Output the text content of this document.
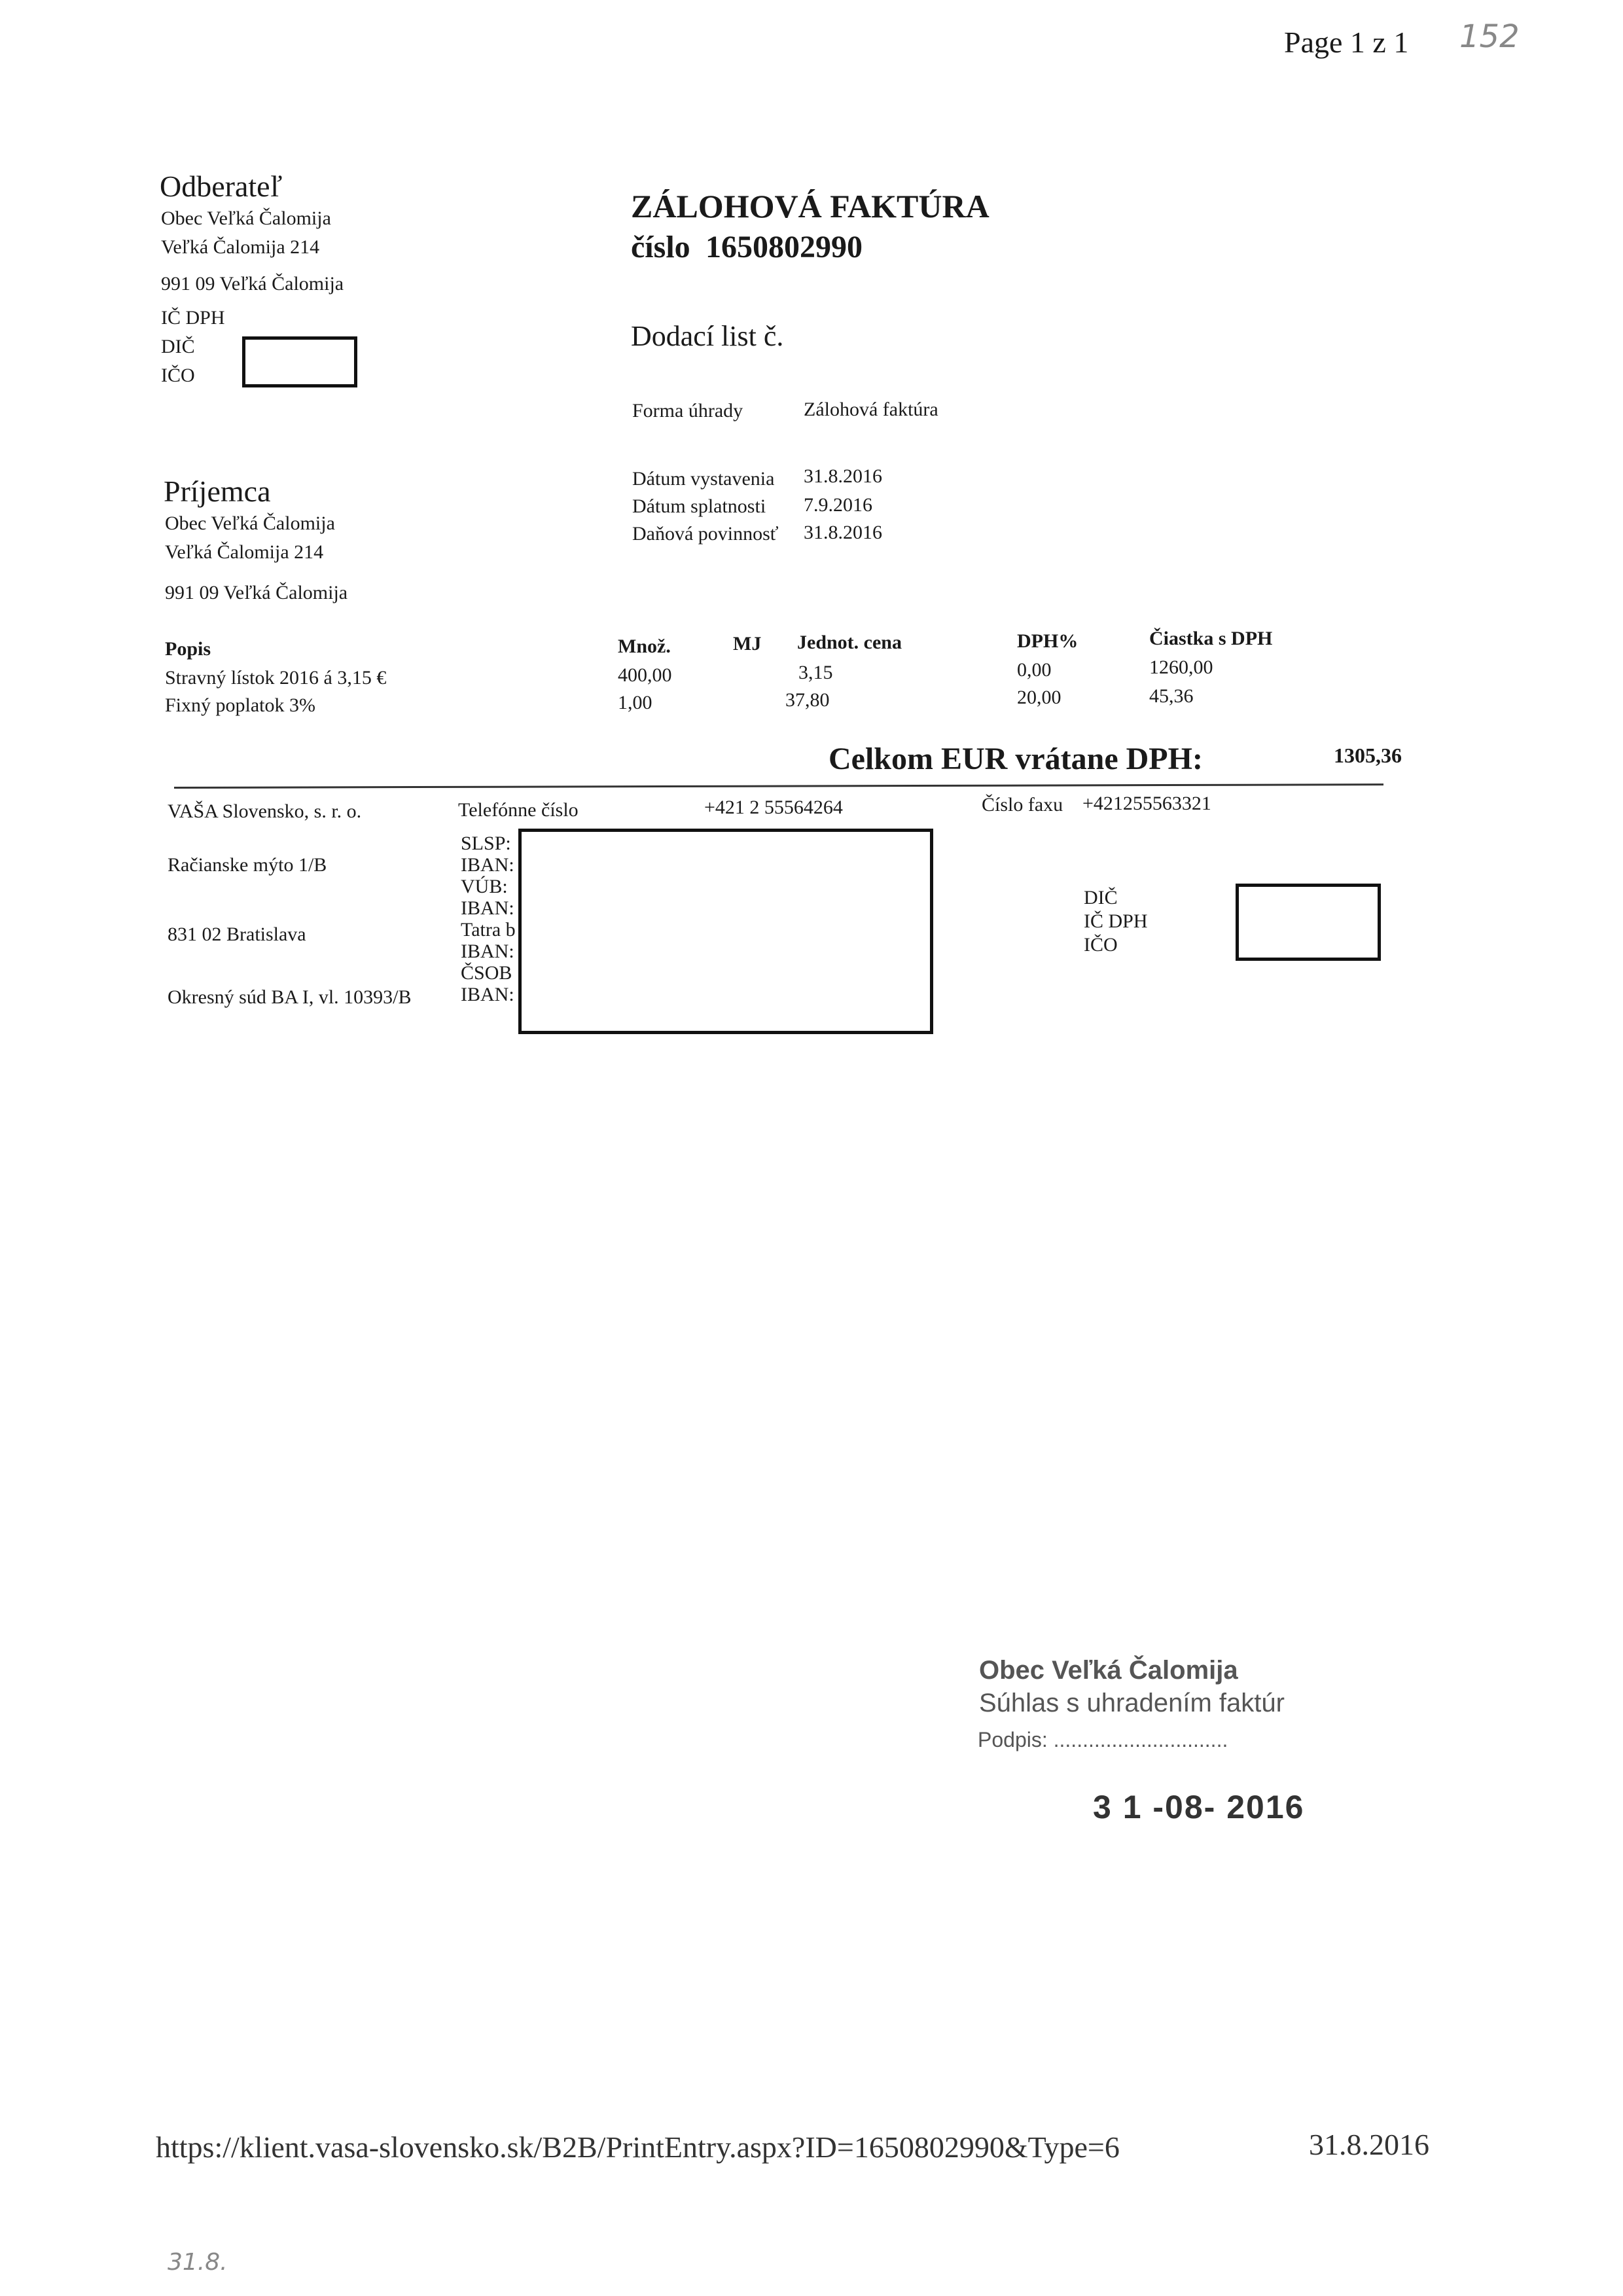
Page 1 z 1 152
Odberateľ
Obec Veľká Čalomija
Veľká Čalomija 214
991 09 Veľká Čalomija
IČ DPH
DIČ
IČO
ZÁLOHOVÁ FAKTÚRA
číslo 1650802990
Dodací list č.
Forma úhrady	Zálohová faktúra
Dátum vystavenia 31.8.2016
Dátum splatnosti 7.9.2016
Daňová povinnosť 31.8.2016
Príjemca
Obec Veľká Čalomija
Veľká Čalomija 214
991 09 Veľká Čalomija
Popis	Množ.	MJ Jednot. cena	DPH%	Čiastka s DPH
Stravný lístok 2016 á 3,15 €	400,00	3,15	0,00	1260,00
Fixný poplatok 3%	1,00	37,80	20,00	45,36
Celkom EUR vrátane DPH:	1305,36
VAŠA Slovensko, s. r. o.
Račianske mýto 1/B
831 02 Bratislava
Okresný súd BA I, vl. 10393/B
Telefónne číslo	+421 2 55564264	Číslo faxu +421255563321
SLSP:
IBAN:
VÚB:
IBAN:
Tatra b
IBAN:
ČSOB
IBAN:
DIČ
IČ DPH
IČO
Obec Veľká Čalomija
Súhlas s uhradením faktúr
Podpis: ..............................
3 1 -08- 2016
https://klient.vasa-slovensko.sk/B2B/PrintEntry.aspx?ID=1650802990&Type=6	31.8.2016
31.8.
